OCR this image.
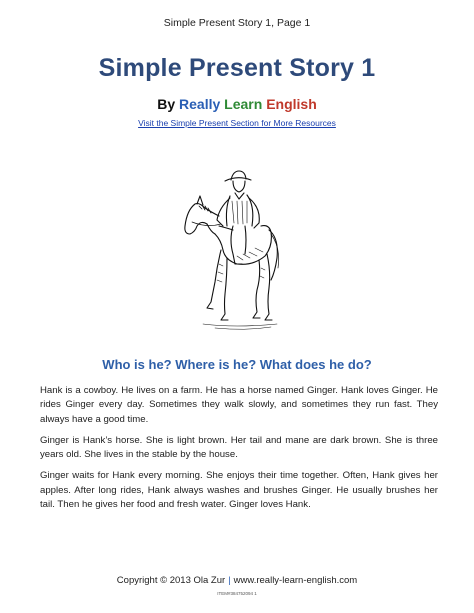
Simple Present Story 1, Page 1
Simple Present Story 1
By Really Learn English
Visit the Simple Present Section for More Resources
Who is he? Where is he? What does he do?

Hank is a cowboy. He lives on a farm. He has a horse named Ginger. Hank loves Ginger. He rides Ginger every day. Sometimes they walk slowly, and sometimes they run fast. They always have a good time.

Ginger is Hank’s horse. She is light brown. Her tail and mane are dark brown. She is three years old. She lives in the stable by the house.

Ginger waits for Hank every morning. She enjoys their time together. Often, Hank gives her apples. After long rides, Hank always washes and brushes Ginger. He usually brushes her tail. Then he gives her food and fresh water. Ginger loves Hank.

Copyright © 2013 Ola Zur | www.really-learn-english.com
ITEM#384752094 1
